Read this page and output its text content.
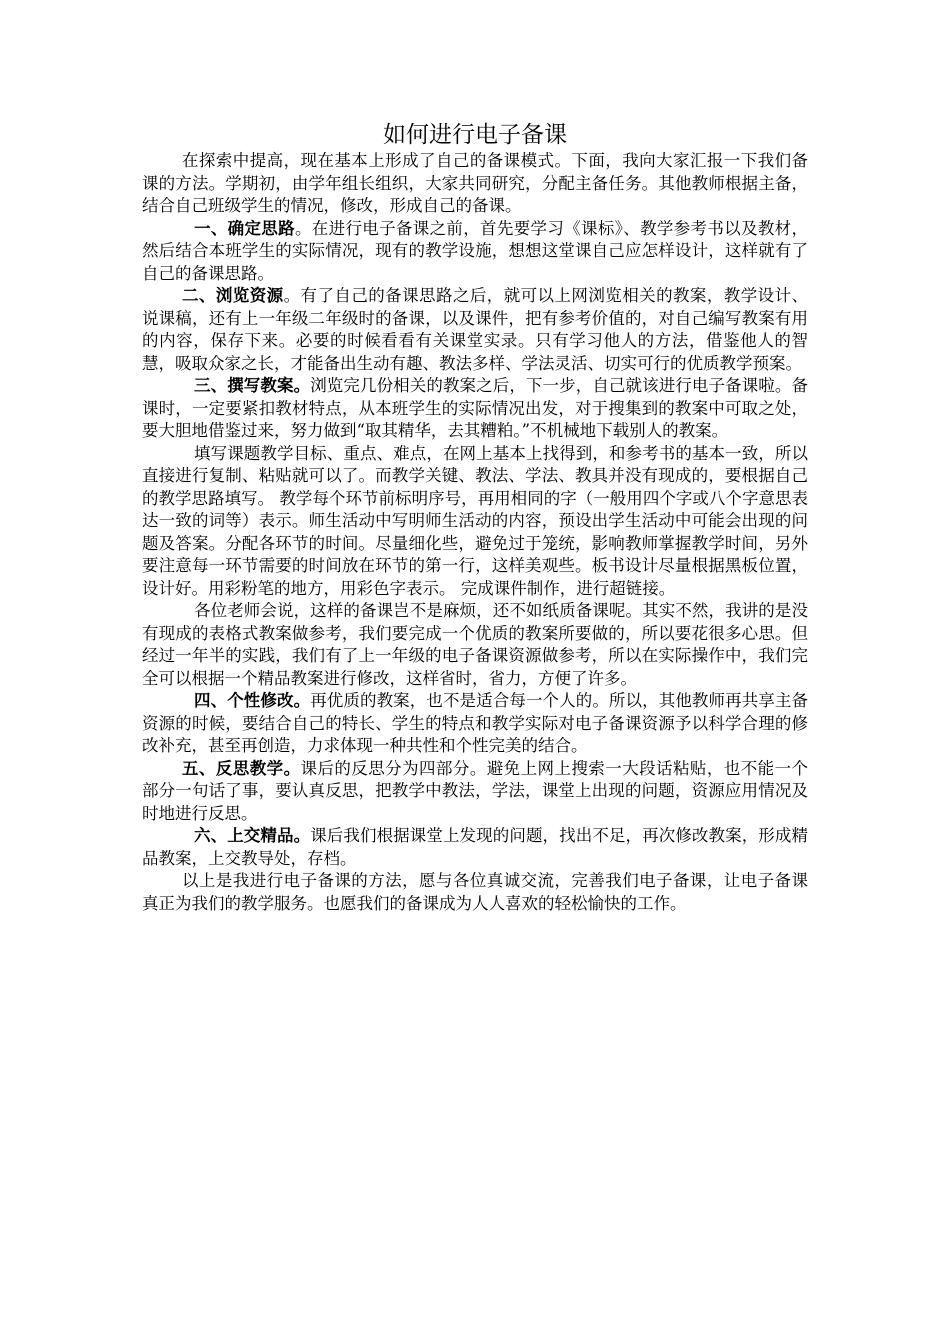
如何进行电子备课

在探索中提高，现在基本上形成了自己的备课模式。下面，我向大家汇报一下我们备课的方法。学期初，由学年组长组织，大家共同研究，分配主备任务。其他教师根据主备，结合自己班级学生的情况，修改，形成自己的备课。

一、确定思路。在进行电子备课之前，首先要学习《课标》、教学参考书以及教材，然后结合本班学生的实际情况，现有的教学设施，想想这堂课自己应怎样设计，这样就有了自己的备课思路。

二、浏览资源。有了自己的备课思路之后，就可以上网浏览相关的教案，教学设计、说课稿，还有上一年级二年级时的备课，以及课件，把有参考价值的，对自己编写教案有用的内容，保存下来。必要的时候看看有关课堂实录。只有学习他人的方法，借鉴他人的智慧，吸取众家之长，才能备出生动有趣、教法多样、学法灵活、切实可行的优质教学预案。

三、撰写教案。浏览完几份相关的教案之后，下一步，自己就该进行电子备课啦。备课时，一定要紧扣教材特点，从本班学生的实际情况出发，对于搜集到的教案中可取之处，要大胆地借鉴过来，努力做到“取其精华，去其糟粕。”不机械地下载别人的教案。

填写课题教学目标、重点、难点，在网上基本上找得到，和参考书的基本一致，所以直接进行复制、粘贴就可以了。而教学关键、教法、学法、教具并没有现成的，要根据自己的教学思路填写。 教学每个环节前标明序号，再用相同的字（一般用四个字或八个字意思表达一致的词等）表示。师生活动中写明师生活动的内容，预设出学生活动中可能会出现的问题及答案。分配各环节的时间。尽量细化些，避免过于笼统，影响教师掌握教学时间，另外要注意每一环节需要的时间放在环节的第一行，这样美观些。板书设计尽量根据黑板位置，设计好。用彩粉笔的地方，用彩色字表示。 完成课件制作，进行超链接。

各位老师会说，这样的备课岂不是麻烦，还不如纸质备课呢。其实不然，我讲的是没有现成的表格式教案做参考，我们要完成一个优质的教案所要做的，所以要花很多心思。但经过一年半的实践，我们有了上一年级的电子备课资源做参考，所以在实际操作中，我们完全可以根据一个精品教案进行修改，这样省时，省力，方便了许多。

四、个性修改。再优质的教案，也不是适合每一个人的。所以，其他教师再共享主备资源的时候，要结合自己的特长、学生的特点和教学实际对电子备课资源予以科学合理的修改补充，甚至再创造，力求体现一种共性和个性完美的结合。

五、反思教学。课后的反思分为四部分。避免上网上搜索一大段话粘贴，也不能一个部分一句话了事，要认真反思，把教学中教法，学法，课堂上出现的问题，资源应用情况及时地进行反思。

六、上交精品。课后我们根据课堂上发现的问题，找出不足，再次修改教案，形成精品教案，上交教导处，存档。

以上是我进行电子备课的方法，愿与各位真诚交流，完善我们电子备课，让电子备课真正为我们的教学服务。也愿我们的备课成为人人喜欢的轻松愉快的工作。
